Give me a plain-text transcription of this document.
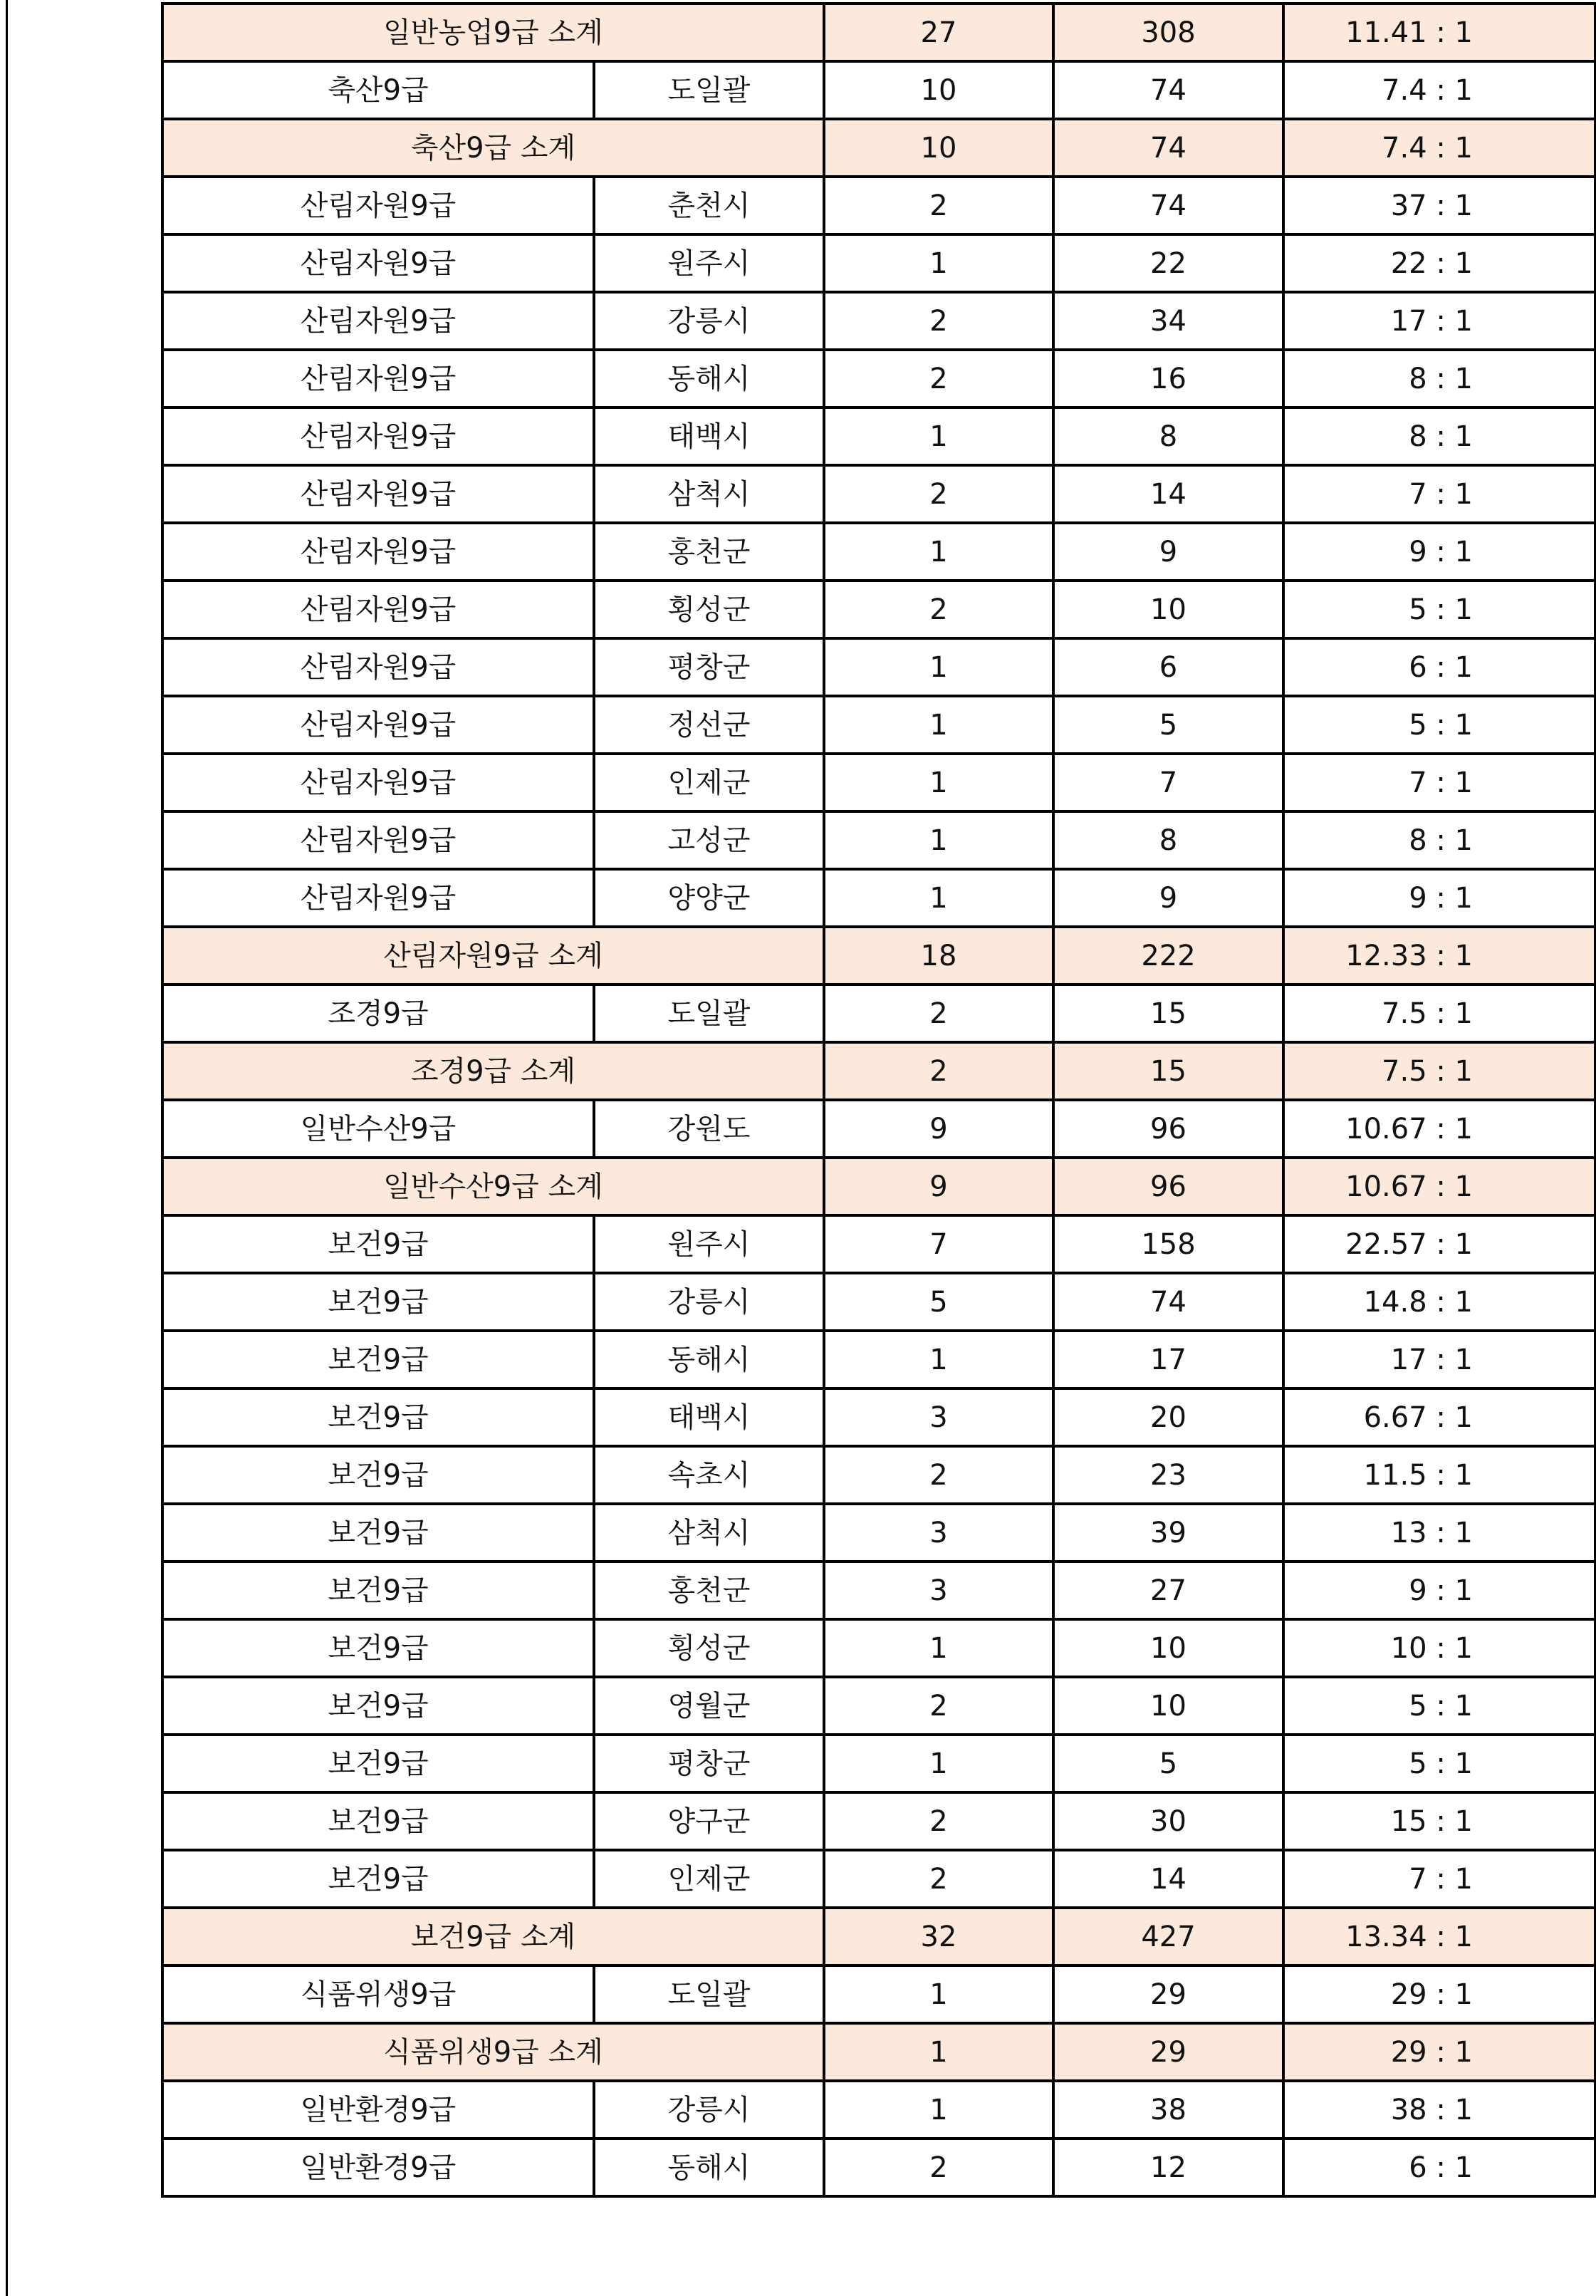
일반농업9급 소계		27	308	11.41 : 1
축산9급	도일괄	10	74	7.4 : 1
축산9급 소계		10	74	7.4 : 1
산림자원9급	춘천시	2	74	37 : 1
산림자원9급	원주시	1	22	22 : 1
산림자원9급	강릉시	2	34	17 : 1
산림자원9급	동해시	2	16	8 : 1
산림자원9급	태백시	1	8	8 : 1
산림자원9급	삼척시	2	14	7 : 1
산림자원9급	홍천군	1	9	9 : 1
산림자원9급	횡성군	2	10	5 : 1
산림자원9급	평창군	1	6	6 : 1
산림자원9급	정선군	1	5	5 : 1
산림자원9급	인제군	1	7	7 : 1
산림자원9급	고성군	1	8	8 : 1
산림자원9급	양양군	1	9	9 : 1
산림자원9급 소계		18	222	12.33 : 1
조경9급	도일괄	2	15	7.5 : 1
조경9급 소계		2	15	7.5 : 1
일반수산9급	강원도	9	96	10.67 : 1
일반수산9급 소계		9	96	10.67 : 1
보건9급	원주시	7	158	22.57 : 1
보건9급	강릉시	5	74	14.8 : 1
보건9급	동해시	1	17	17 : 1
보건9급	태백시	3	20	6.67 : 1
보건9급	속초시	2	23	11.5 : 1
보건9급	삼척시	3	39	13 : 1
보건9급	홍천군	3	27	9 : 1
보건9급	횡성군	1	10	10 : 1
보건9급	영월군	2	10	5 : 1
보건9급	평창군	1	5	5 : 1
보건9급	양구군	2	30	15 : 1
보건9급	인제군	2	14	7 : 1
보건9급 소계		32	427	13.34 : 1
식품위생9급	도일괄	1	29	29 : 1
식품위생9급 소계		1	29	29 : 1
일반환경9급	강릉시	1	38	38 : 1
일반환경9급	동해시	2	12	6 : 1
